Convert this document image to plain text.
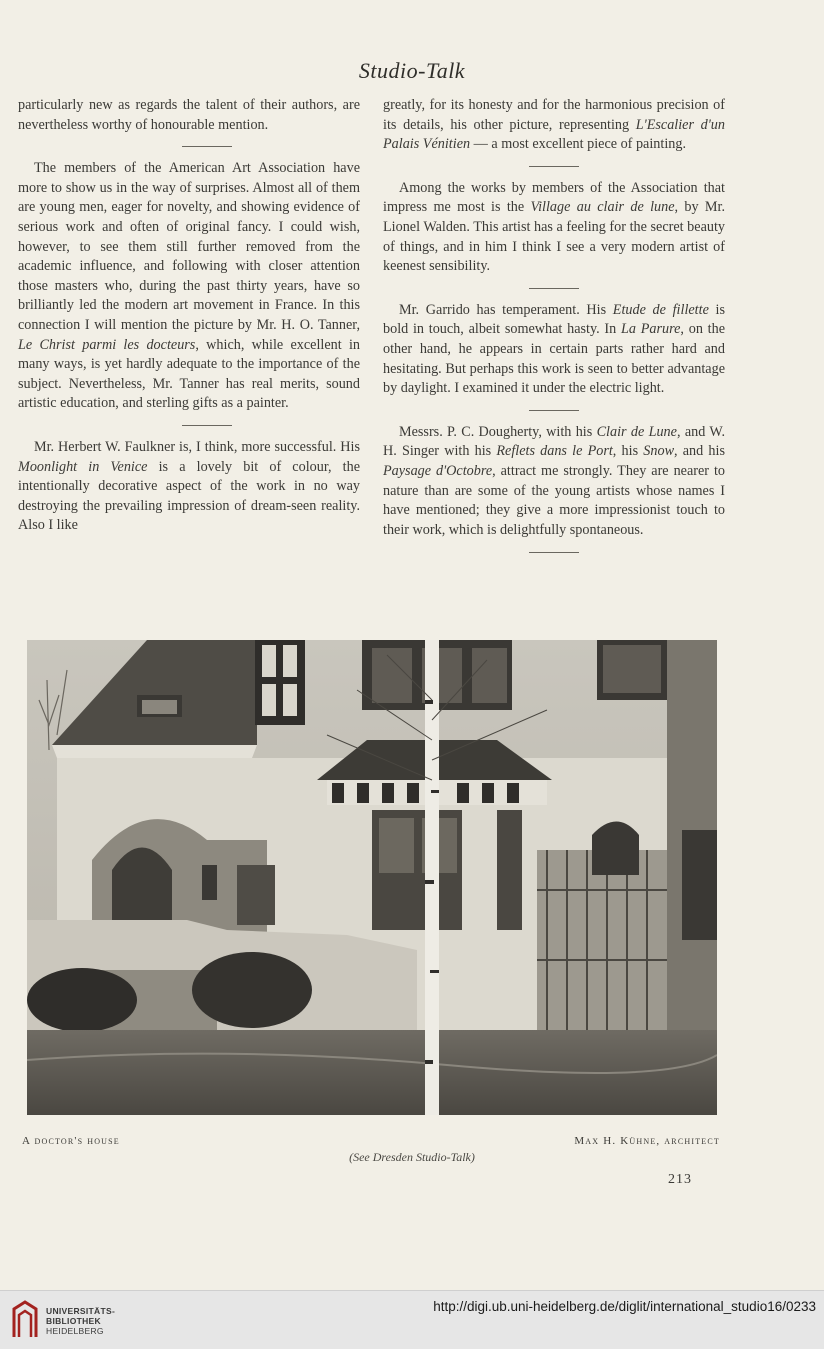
Studio-Talk

particularly new as regards the talent of their authors, are nevertheless worthy of honourable mention.

The members of the American Art Association have more to show us in the way of surprises. Almost all of them are young men, eager for novelty, and showing evidence of serious work and often of original fancy. I could wish, however, to see them still further removed from the academic influence, and following with closer attention those masters who, during the past thirty years, have so brilliantly led the modern art movement in France. In this connection I will mention the picture by Mr. H. O. Tanner, Le Christ parmi les docteurs, which, while excellent in many ways, is yet hardly adequate to the importance of the subject. Nevertheless, Mr. Tanner has real merits, sound artistic education, and sterling gifts as a painter.

Mr. Herbert W. Faulkner is, I think, more successful. His Moonlight in Venice is a lovely bit of colour, the intentionally decorative aspect of the work in no way destroying the prevailing impression of dream-seen reality. Also I like

greatly, for its honesty and for the harmonious precision of its details, his other picture, representing L'Escalier d'un Palais Vénitien — a most excellent piece of painting.

Among the works by members of the Association that impress me most is the Village au clair de lune, by Mr. Lionel Walden. This artist has a feeling for the secret beauty of things, and in him I think I see a very modern artist of keenest sensibility.

Mr. Garrido has temperament. His Etude de fillette is bold in touch, albeit somewhat hasty. In La Parure, on the other hand, he appears in certain parts rather hard and hesitating. But perhaps this work is seen to better advantage by daylight. I examined it under the electric light.

Messrs. P. C. Dougherty, with his Clair de Lune, and W. H. Singer with his Reflets dans le Port, his Snow, and his Paysage d'Octobre, attract me strongly. They are nearer to nature than are some of the young artists whose names I have mentioned; they give a more impressionist touch to their work, which is delightfully spontaneous.

A doctor's house	Max H. Kühne, architect
(See Dresden Studio-Talk)
213
UNIVERSITÄTS-
BIBLIOTHEK
HEIDELBERG
http://digi.ub.uni-heidelberg.de/diglit/international_studio16/0233
